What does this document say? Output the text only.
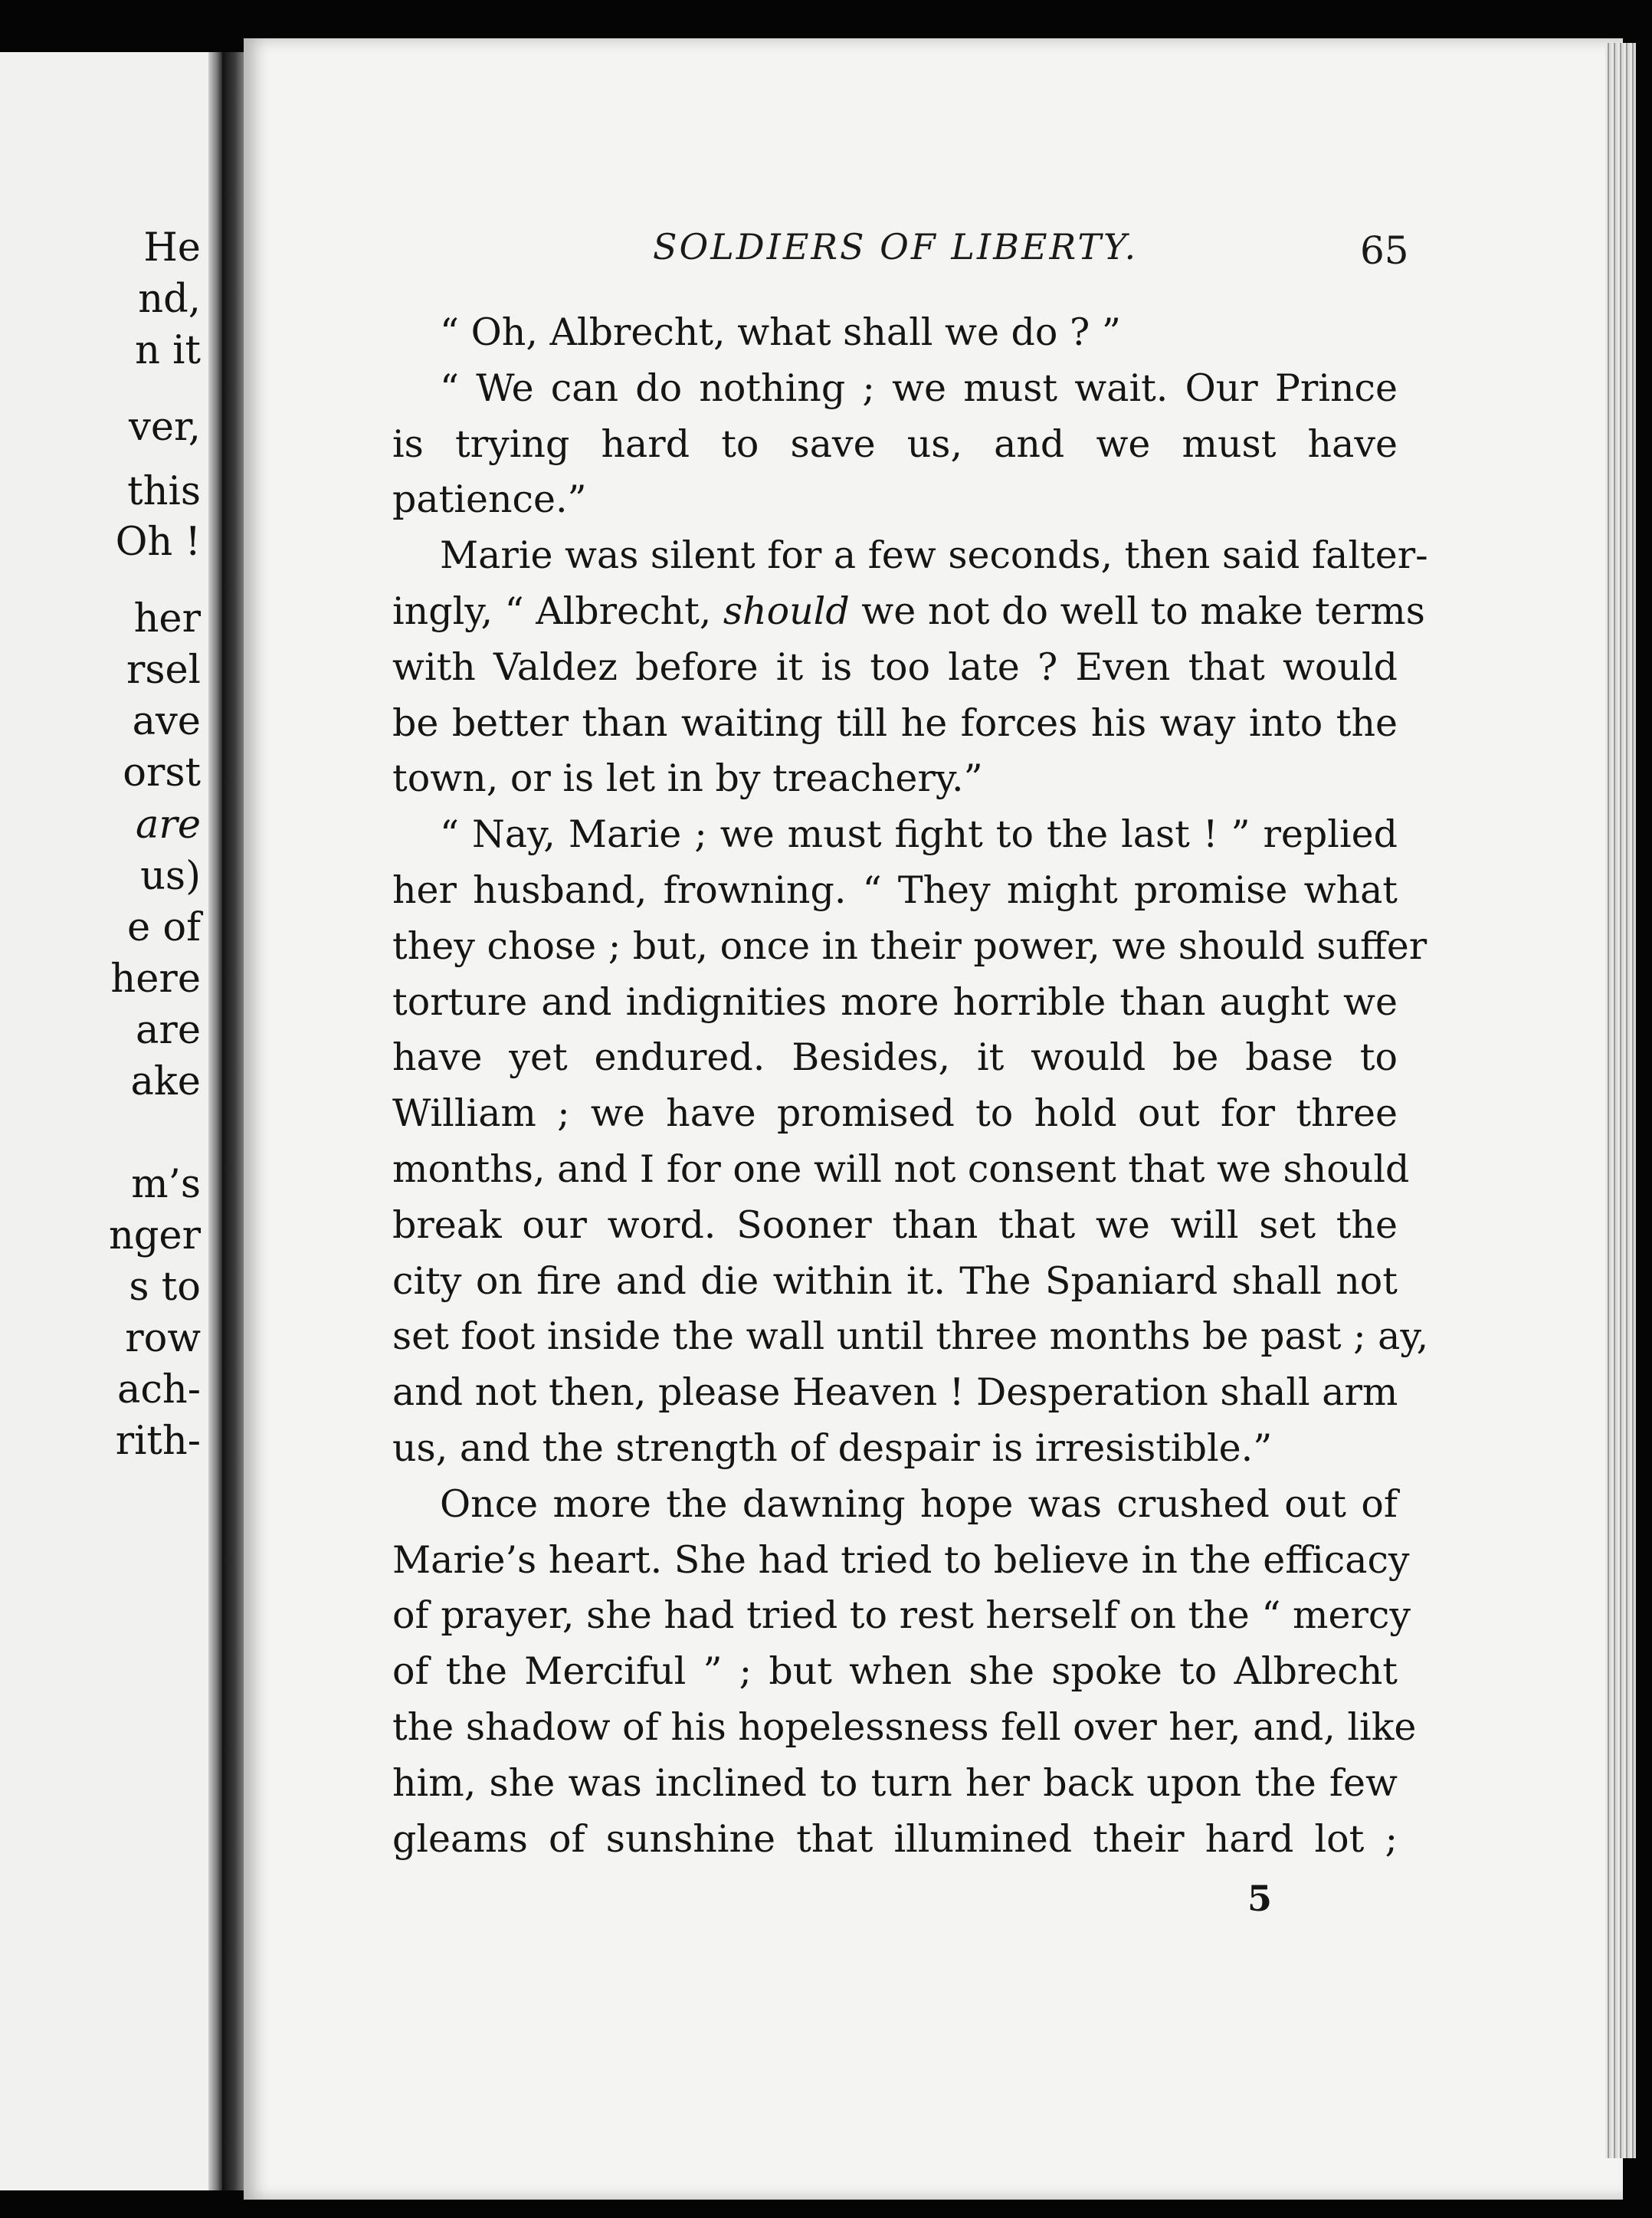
He
nd,
n it
ver,
this
Oh !
her
rsel
ave
orst
are
us)
e of
here
are
ake
m’s
nger
s to
row
ach-
rith-
SOLDIERS OF LIBERTY.	65
“ Oh, Albrecht, what shall we do ? ”
“ We can do nothing ; we must wait. Our Prince
is trying hard to save us, and we must have
patience.”
Marie was silent for a few seconds, then said falter-
ingly, “ Albrecht, should we not do well to make terms
with Valdez before it is too late ? Even that would
be better than waiting till he forces his way into the
town, or is let in by treachery.”
“ Nay, Marie ; we must fight to the last ! ” replied
her husband, frowning. “ They might promise what
they chose ; but, once in their power, we should suffer
torture and indignities more horrible than aught we
have yet endured. Besides, it would be base to
William ; we have promised to hold out for three
months, and I for one will not consent that we should
break our word. Sooner than that we will set the
city on fire and die within it. The Spaniard shall not
set foot inside the wall until three months be past ; ay,
and not then, please Heaven ! Desperation shall arm
us, and the strength of despair is irresistible.”
Once more the dawning hope was crushed out of
Marie’s heart. She had tried to believe in the efficacy
of prayer, she had tried to rest herself on the “ mercy
of the Merciful ” ; but when she spoke to Albrecht
the shadow of his hopelessness fell over her, and, like
him, she was inclined to turn her back upon the few
gleams of sunshine that illumined their hard lot ;
5
